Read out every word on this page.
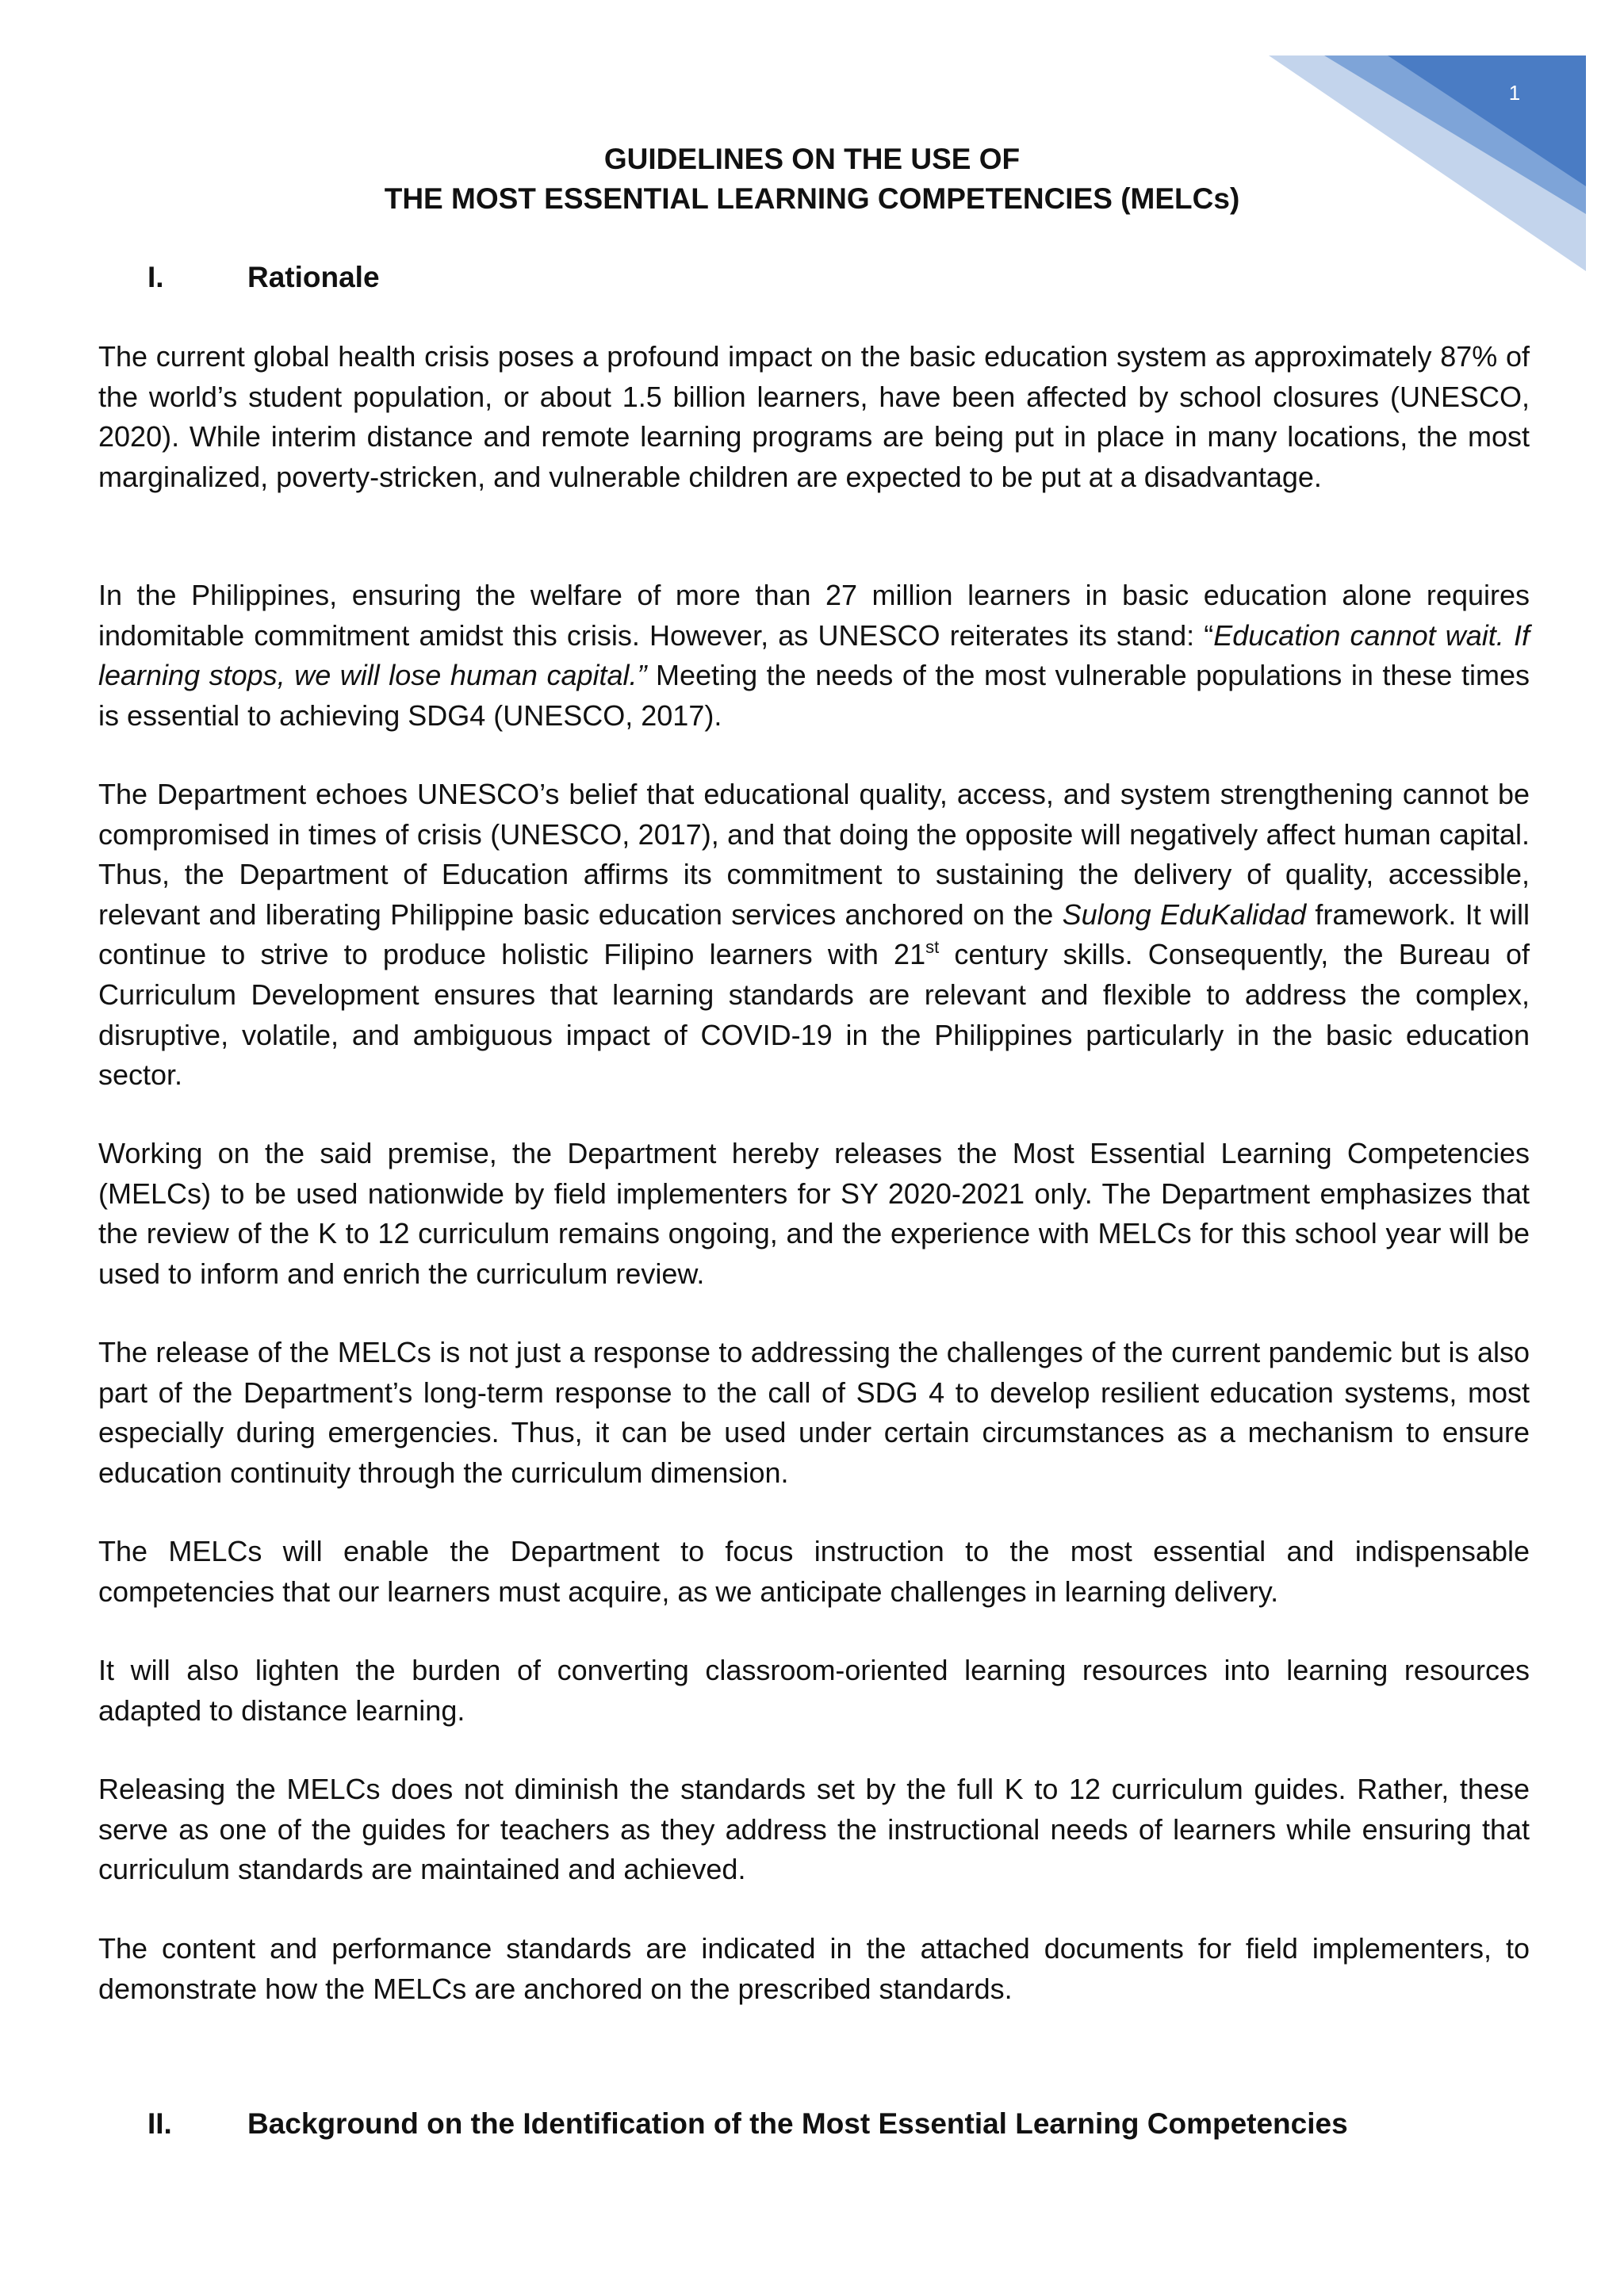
1
GUIDELINES ON THE USE OF
THE MOST ESSENTIAL LEARNING COMPETENCIES (MELCs)
I.	Rationale

The current global health crisis poses a profound impact on the basic education system as approximately 87% of the world’s student population, or about 1.5 billion learners, have been affected by school closures (UNESCO, 2020). While interim distance and remote learning programs are being put in place in many locations, the most marginalized, poverty-stricken, and vulnerable children are expected to be put at a disadvantage.

In the Philippines, ensuring the welfare of more than 27 million learners in basic education alone requires indomitable commitment amidst this crisis. However, as UNESCO reiterates its stand: “Education cannot wait. If learning stops, we will lose human capital.” Meeting the needs of the most vulnerable populations in these times is essential to achieving SDG4 (UNESCO, 2017).

The Department echoes UNESCO’s belief that educational quality, access, and system strengthening cannot be compromised in times of crisis (UNESCO, 2017), and that doing the opposite will negatively affect human capital. Thus, the Department of Education affirms its commitment to sustaining the delivery of quality, accessible, relevant and liberating Philippine basic education services anchored on the Sulong EduKalidad framework. It will continue to strive to produce holistic Filipino learners with 21st century skills. Consequently, the Bureau of Curriculum Development ensures that learning standards are relevant and flexible to address the complex, disruptive, volatile, and ambiguous impact of COVID-19 in the Philippines particularly in the basic education sector.

Working on the said premise, the Department hereby releases the Most Essential Learning Competencies (MELCs) to be used nationwide by field implementers for SY 2020-2021 only. The Department emphasizes that the review of the K to 12 curriculum remains ongoing, and the experience with MELCs for this school year will be used to inform and enrich the curriculum review.

The release of the MELCs is not just a response to addressing the challenges of the current pandemic but is also part of the Department’s long-term response to the call of SDG 4 to develop resilient education systems, most especially during emergencies. Thus, it can be used under certain circumstances as a mechanism to ensure education continuity through the curriculum dimension.

The MELCs will enable the Department to focus instruction to the most essential and indispensable competencies that our learners must acquire, as we anticipate challenges in learning delivery.

It will also lighten the burden of converting classroom-oriented learning resources into learning resources adapted to distance learning.

Releasing the MELCs does not diminish the standards set by the full K to 12 curriculum guides. Rather, these serve as one of the guides for teachers as they address the instructional needs of learners while ensuring that curriculum standards are maintained and achieved.

The content and performance standards are indicated in the attached documents for field implementers, to demonstrate how the MELCs are anchored on the prescribed standards.

II.	Background on the Identification of the Most Essential Learning Competencies
